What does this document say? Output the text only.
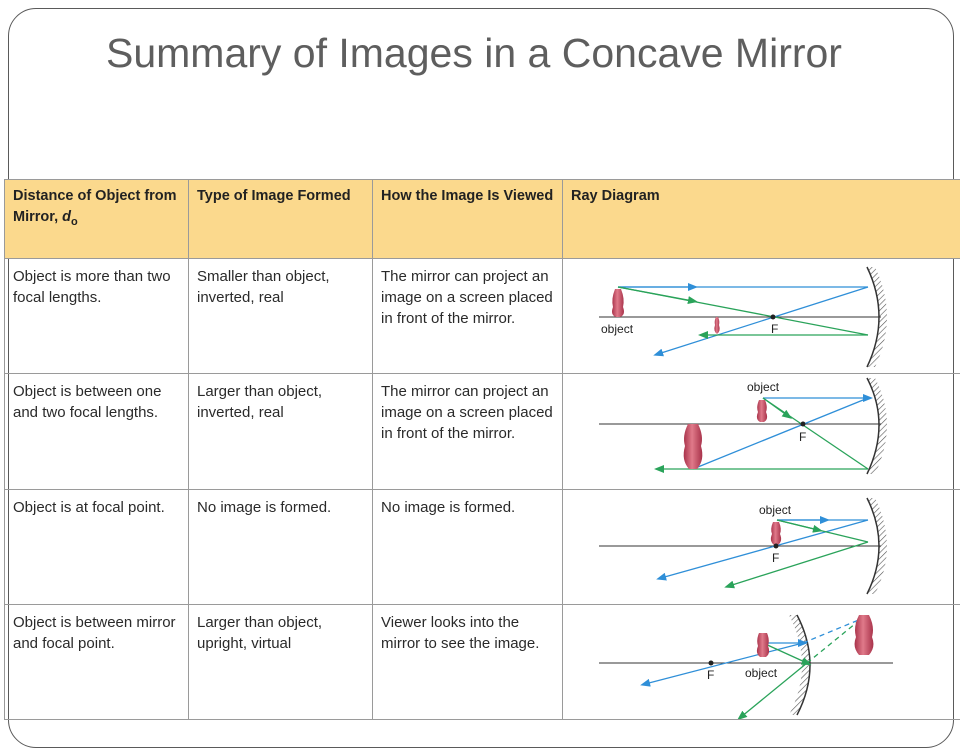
Summary of Images in a Concave Mirror
Distance of Object from Mirror, $d_o$	Type of Image Formed	How the Image Is Viewed	Ray Diagram
Object is more than two focal lengths.	Smaller than object, inverted, real	The mirror can project an image on a screen placed in front of the mirror.	object F

Object is between one and two focal lengths.	Larger than object, inverted, real	The mirror can project an image on a screen placed in front of the mirror.	object
F

Object is at focal point.	No image is formed.	No image is formed.	object
F

Object is between mirror and focal point.	Larger than object, upright, virtual	Viewer looks into the mirror to see the image.	object
F
